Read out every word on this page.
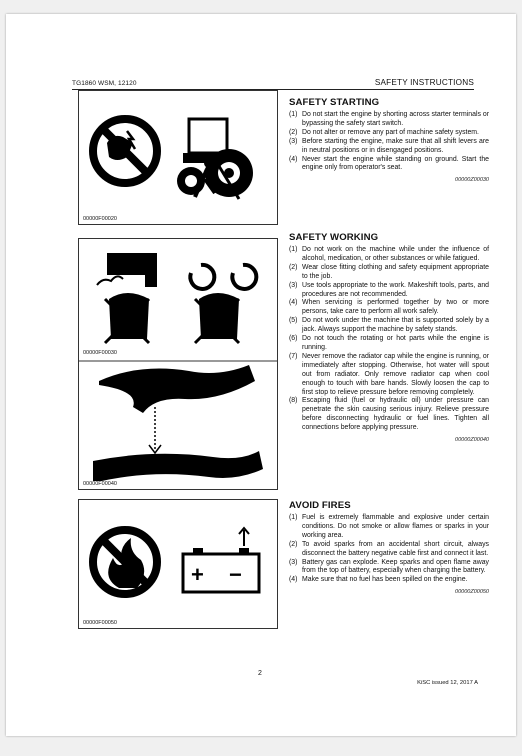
TG1860 WSM, 12120	SAFETY INSTRUCTIONS
00000F00020
00000F00030
00000F00040
+ −
00000F00050
SAFETY STARTING
(1) Do not start the engine by shorting across starter terminals or bypassing the safety start switch.
(2) Do not alter or remove any part of machine safety system.
(3) Before starting the engine, make sure that all shift levers are in neutral positions or in disengaged positions.
(4) Never start the engine while standing on ground. Start the engine only from operator's seat.
00000Z00030
SAFETY WORKING
(1) Do not work on the machine while under the influence of alcohol, medication, or other substances or while fatigued.
(2) Wear close fitting clothing and safety equipment appropriate to the job.
(3) Use tools appropriate to the work. Makeshift tools, parts, and procedures are not recommended.
(4) When servicing is performed together by two or more persons, take care to perform all work safely.
(5) Do not work under the machine that is supported solely by a jack. Always support the machine by safety stands.
(6) Do not touch the rotating or hot parts while the engine is running.
(7) Never remove the radiator cap while the engine is running, or immediately after stopping. Otherwise, hot water will spout out from radiator. Only remove radiator cap when cool enough to touch with bare hands. Slowly loosen the cap to first stop to relieve pressure before removing completely.
(8) Escaping fluid (fuel or hydraulic oil) under pressure can penetrate the skin causing serious injury. Relieve pressure before disconnecting hydraulic or fuel lines. Tighten all connections before applying pressure.
00000Z00040
AVOID FIRES
(1) Fuel is extremely flammable and explosive under certain conditions. Do not smoke or allow flames or sparks in your working area.
(2) To avoid sparks from an accidental short circuit, always disconnect the battery negative cable first and connect it last.
(3) Battery gas can explode. Keep sparks and open flame away from the top of battery, especially when charging the battery.
(4) Make sure that no fuel has been spilled on the engine.
00000Z00050
2
KiSC issued 12, 2017 A
